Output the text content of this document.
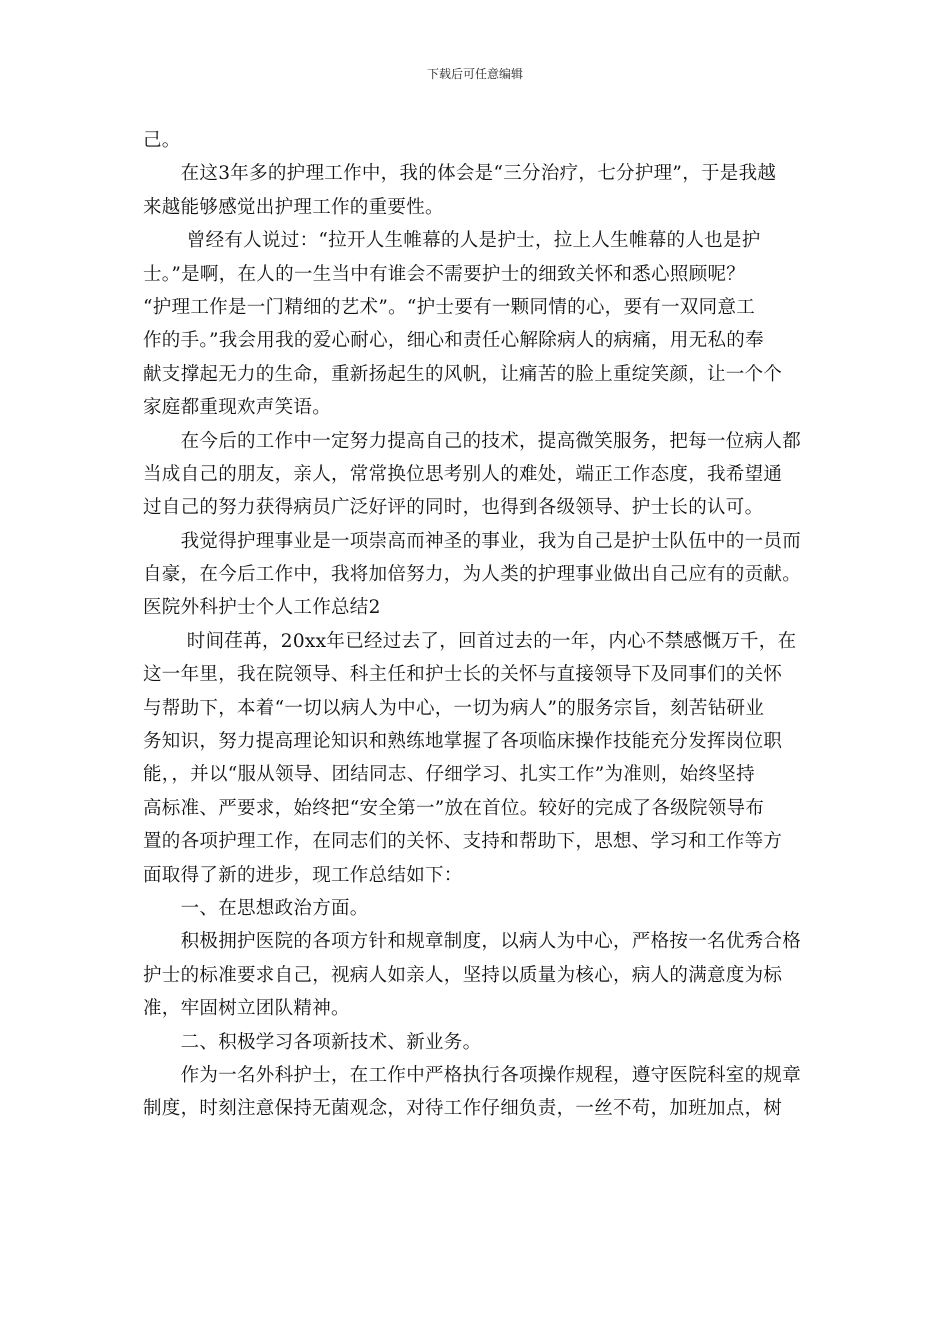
下载后可任意编辑
己。
　　在这3年多的护理工作中，我的体会是“三分治疗，七分护理”，于是我越
来越能够感觉出护理工作的重要性。
　　 曾经有人说过：“拉开人生帷幕的人是护士，拉上人生帷幕的人也是护
士。”是啊，在人的一生当中有谁会不需要护士的细致关怀和悉心照顾呢？
“护理工作是一门精细的艺术”。“护士要有一颗同情的心，要有一双同意工
作的手。”我会用我的爱心耐心，细心和责任心解除病人的病痛，用无私的奉
献支撑起无力的生命，重新扬起生的风帆，让痛苦的脸上重绽笑颜，让一个个
家庭都重现欢声笑语。
　　在今后的工作中一定努力提高自己的技术，提高微笑服务，把每一位病人都
当成自己的朋友，亲人，常常换位思考别人的难处，端正工作态度，我希望通
过自己的努力获得病员广泛好评的同时，也得到各级领导、护士长的认可。
　　我觉得护理事业是一项崇高而神圣的事业，我为自己是护士队伍中的一员而
自豪，在今后工作中，我将加倍努力，为人类的护理事业做出自己应有的贡献。
医院外科护士个人工作总结2
　　 时间荏苒，20xx年已经过去了，回首过去的一年，内心不禁感慨万千，在
这一年里，我在院领导、科主任和护士长的关怀与直接领导下及同事们的关怀
与帮助下，本着“一切以病人为中心，一切为病人”的服务宗旨，刻苦钻研业
务知识，努力提高理论知识和熟练地掌握了各项临床操作技能充分发挥岗位职
能，，并以“服从领导、团结同志、仔细学习、扎实工作”为准则，始终坚持
高标准、严要求，始终把“安全第一”放在首位。较好的完成了各级院领导布
置的各项护理工作，在同志们的关怀、支持和帮助下，思想、学习和工作等方
面取得了新的进步，现工作总结如下：
　　一、在思想政治方面。
　　积极拥护医院的各项方针和规章制度，以病人为中心，严格按一名优秀合格
护士的标准要求自己，视病人如亲人，坚持以质量为核心，病人的满意度为标
准，牢固树立团队精神。
　　二、积极学习各项新技术、新业务。
　　作为一名外科护士，在工作中严格执行各项操作规程，遵守医院科室的规章
制度，时刻注意保持无菌观念，对待工作仔细负责，一丝不苟，加班加点，树
